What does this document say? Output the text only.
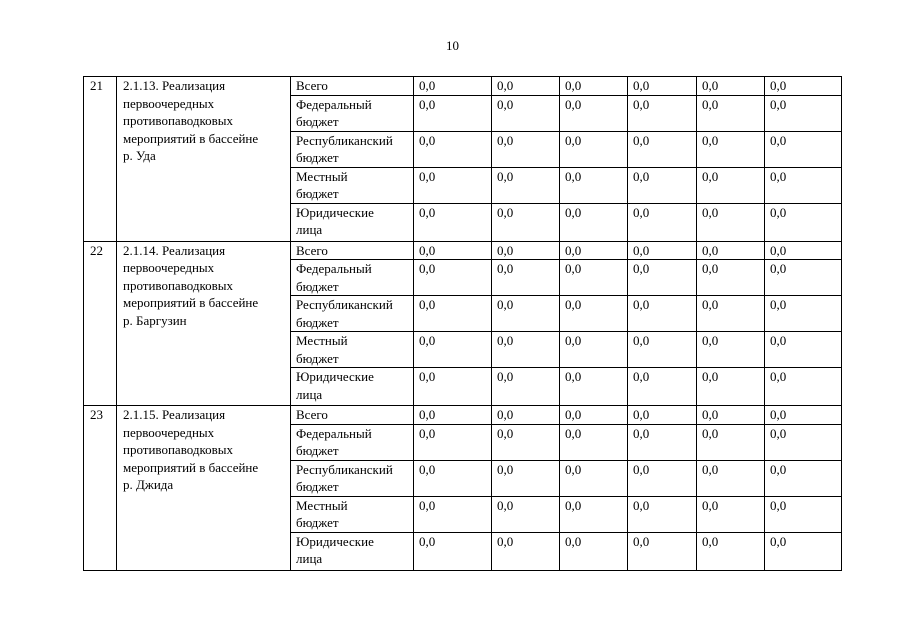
10
21	2.1.13. Реализация
первоочередных
противопаводковых
мероприятий в бассейне
р. Уда	Всего	0,0	0,0	0,0	0,0	0,0	0,0

		Федеральный
бюджет	0,0	0,0	0,0	0,0	0,0	0,0

		Республиканский
бюджет	0,0	0,0	0,0	0,0	0,0	0,0

		Местный
бюджет	0,0	0,0	0,0	0,0	0,0	0,0

		Юридические
лица	0,0	0,0	0,0	0,0	0,0	0,0
22	2.1.14. Реализация
первоочередных
противопаводковых
мероприятий в бассейне
р. Баргузин	Всего	0,0	0,0	0,0	0,0	0,0	0,0

		Федеральный
бюджет	0,0	0,0	0,0	0,0	0,0	0,0

		Республиканский
бюджет	0,0	0,0	0,0	0,0	0,0	0,0

		Местный
бюджет	0,0	0,0	0,0	0,0	0,0	0,0

		Юридические
лица	0,0	0,0	0,0	0,0	0,0	0,0
23	2.1.15. Реализация
первоочередных
противопаводковых
мероприятий в бассейне
р. Джида	Всего	0,0	0,0	0,0	0,0	0,0	0,0

		Федеральный
бюджет	0,0	0,0	0,0	0,0	0,0	0,0

		Республиканский
бюджет	0,0	0,0	0,0	0,0	0,0	0,0

		Местный
бюджет	0,0	0,0	0,0	0,0	0,0	0,0

		Юридические
лица	0,0	0,0	0,0	0,0	0,0	0,0
